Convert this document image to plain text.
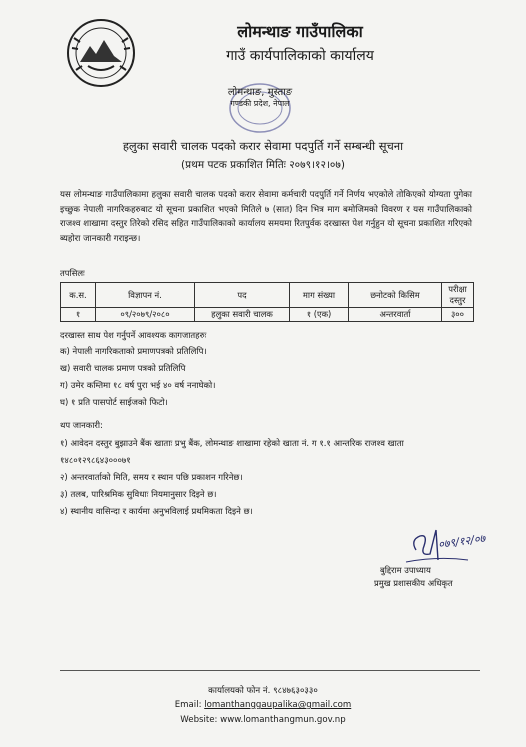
लोमन्थाङ गाउँपालिका
गाउँ कार्यपालिकाको कार्यालय
लोमन्थाङ, मुस्ताङ
गण्डकी प्रदेश, नेपाल
हलुका सवारी चालक पदको करार सेवामा पदपुर्ति गर्ने सम्बन्धी सूचना
(प्रथम पटक प्रकाशित मितिः २०७९।१२।०७)
यस लोमन्थाङ गाउँपालिकामा हलुका सवारी चालक पदको करार सेवामा कर्मचारी पदपुर्ति गर्ने निर्णय भएकोले तोकिएको योग्यता पुगेका इच्छुक नेपाली नागरिकहरुबाट यो सूचना प्रकाशित भएको मितिले ७ (सात) दिन भित्र माग बमोजिमको विवरण र यस गाउँपालिकाको राजश्व शाखामा दस्तुर तिरेको रसिद सहित गाउँपालिकाको कार्यालय समयमा रितपुर्वक दरखास्त पेश गर्नुहुन यो सूचना प्रकाशित गरिएको ब्यहोरा जानकारी गराइन्छ।
तपसिलः
क.स.	विज्ञापन नं.	पद	माग संख्या	छनोटको किसिम	परीक्षा दस्तुर
१	०९/२०७९/२०८०	हलुका सवारी चालक	१ (एक)	अन्तरवार्ता	३००
दरखास्त साथ पेश गर्नुपर्ने आवश्यक कागजातहरुः
क) नेपाली नागरिकताको प्रमाणपत्रको प्रतिलिपि।
ख) सवारी चालक प्रमाण पत्रको प्रतिलिपि
ग) उमेर कम्तिमा १८ वर्ष पुरा भई ४० वर्ष ननाघेको।
घ) १ प्रति पासपोर्ट साईजको फिटो।
थप जानकारी:
१) आवेदन दस्तुर बुझाउने बैंक खाताः प्रभु बैंक, लोमन्थाङ शाखामा रहेको खाता नं. ग १.१ आन्तरिक राजश्व खाता
१४८०१२९८६४३०००७१
२) अन्तरवार्ताको मिति, समय र स्थान पछि प्रकाशन गरिनेछ।
३) तलब, पारिश्रमिक सुविधाः नियमानुसार दिइने छ।
४) स्थानीय वासिन्दा र कार्यमा अनुभविलाई प्रथमिकता दिइने छ।
०७९/१२/०७
बुद्दिराम उपाध्याय
प्रमुख प्रशासकीय अधिकृत
कार्यालयको फोन नं. ९८४७६३०३३०
Email: lomanthanggaupalika@gmail.com
Website: www.lomanthangmun.gov.np
